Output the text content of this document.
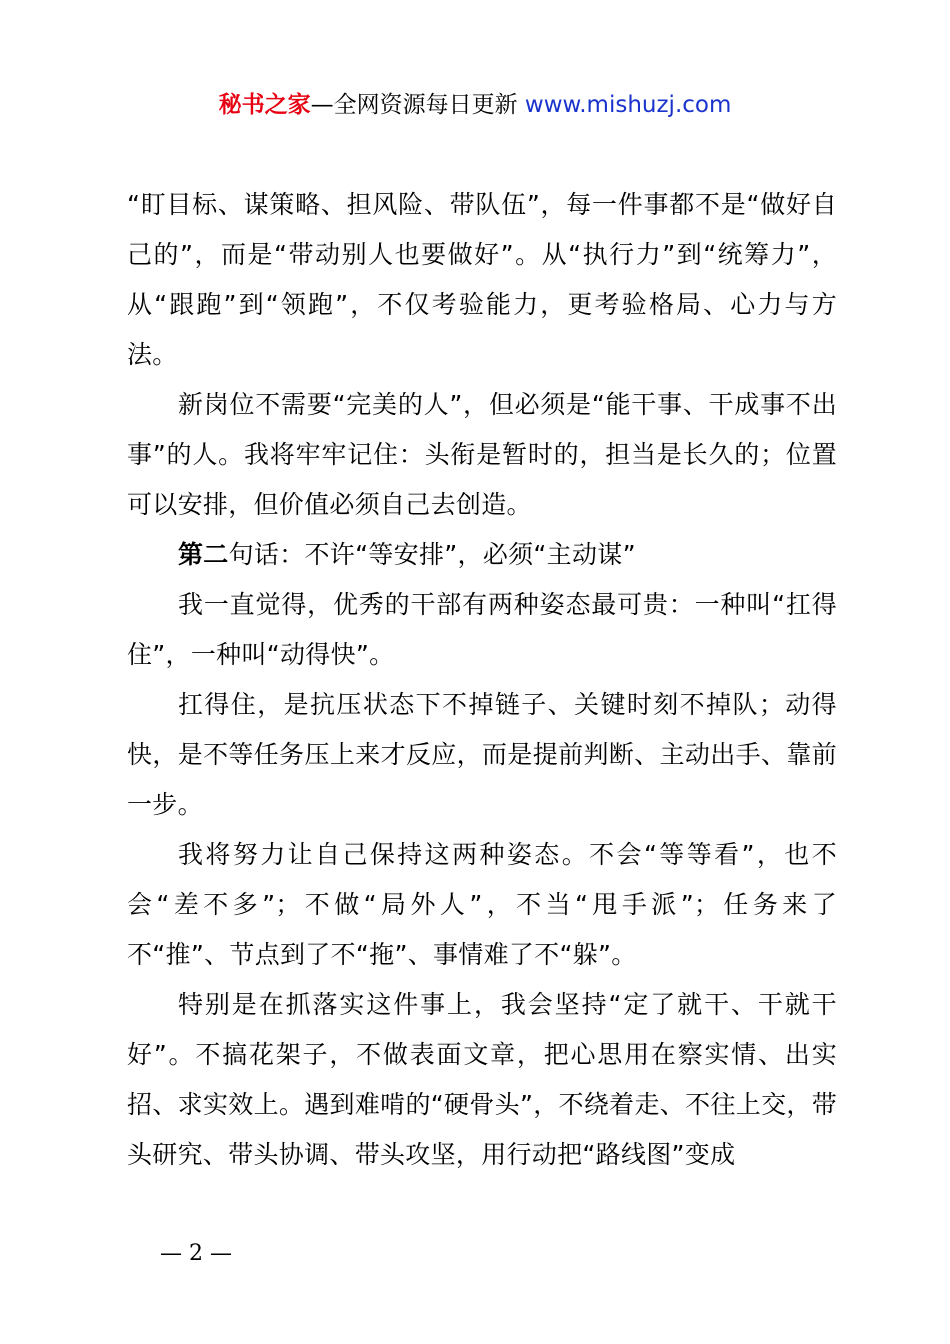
秘书之家—全网资源每日更新 www.mishuzj.com

“盯目标、谋策略、担风险、带队伍”，每一件事都不是“做好自己的”，而是“带动别人也要做好”。从“执行力”到“统筹力”，从“跟跑”到“领跑”，不仅考验能力，更考验格局、心力与方法。

新岗位不需要“完美的人”，但必须是“能干事、干成事不出事”的人。我将牢牢记住：头衔是暂时的，担当是长久的；位置可以安排，但价值必须自己去创造。

第二句话：不许“等安排”，必须“主动谋”

我一直觉得，优秀的干部有两种姿态最可贵：一种叫“扛得住”，一种叫“动得快”。

扛得住，是抗压状态下不掉链子、关键时刻不掉队；动得快，是不等任务压上来才反应，而是提前判断、主动出手、靠前一步。

我将努力让自己保持这两种姿态。不会“等等看”，也不会“差不多”；不做“局外人”，不当“甩手派”；任务来了不“推”、节点到了不“拖”、事情难了不“躲”。

特别是在抓落实这件事上，我会坚持“定了就干、干就干好”。不搞花架子，不做表面文章，把心思用在察实情、出实招、求实效上。遇到难啃的“硬骨头”，不绕着走、不往上交，带头研究、带头协调、带头攻坚，用行动把“路线图”变成

— 2 —
